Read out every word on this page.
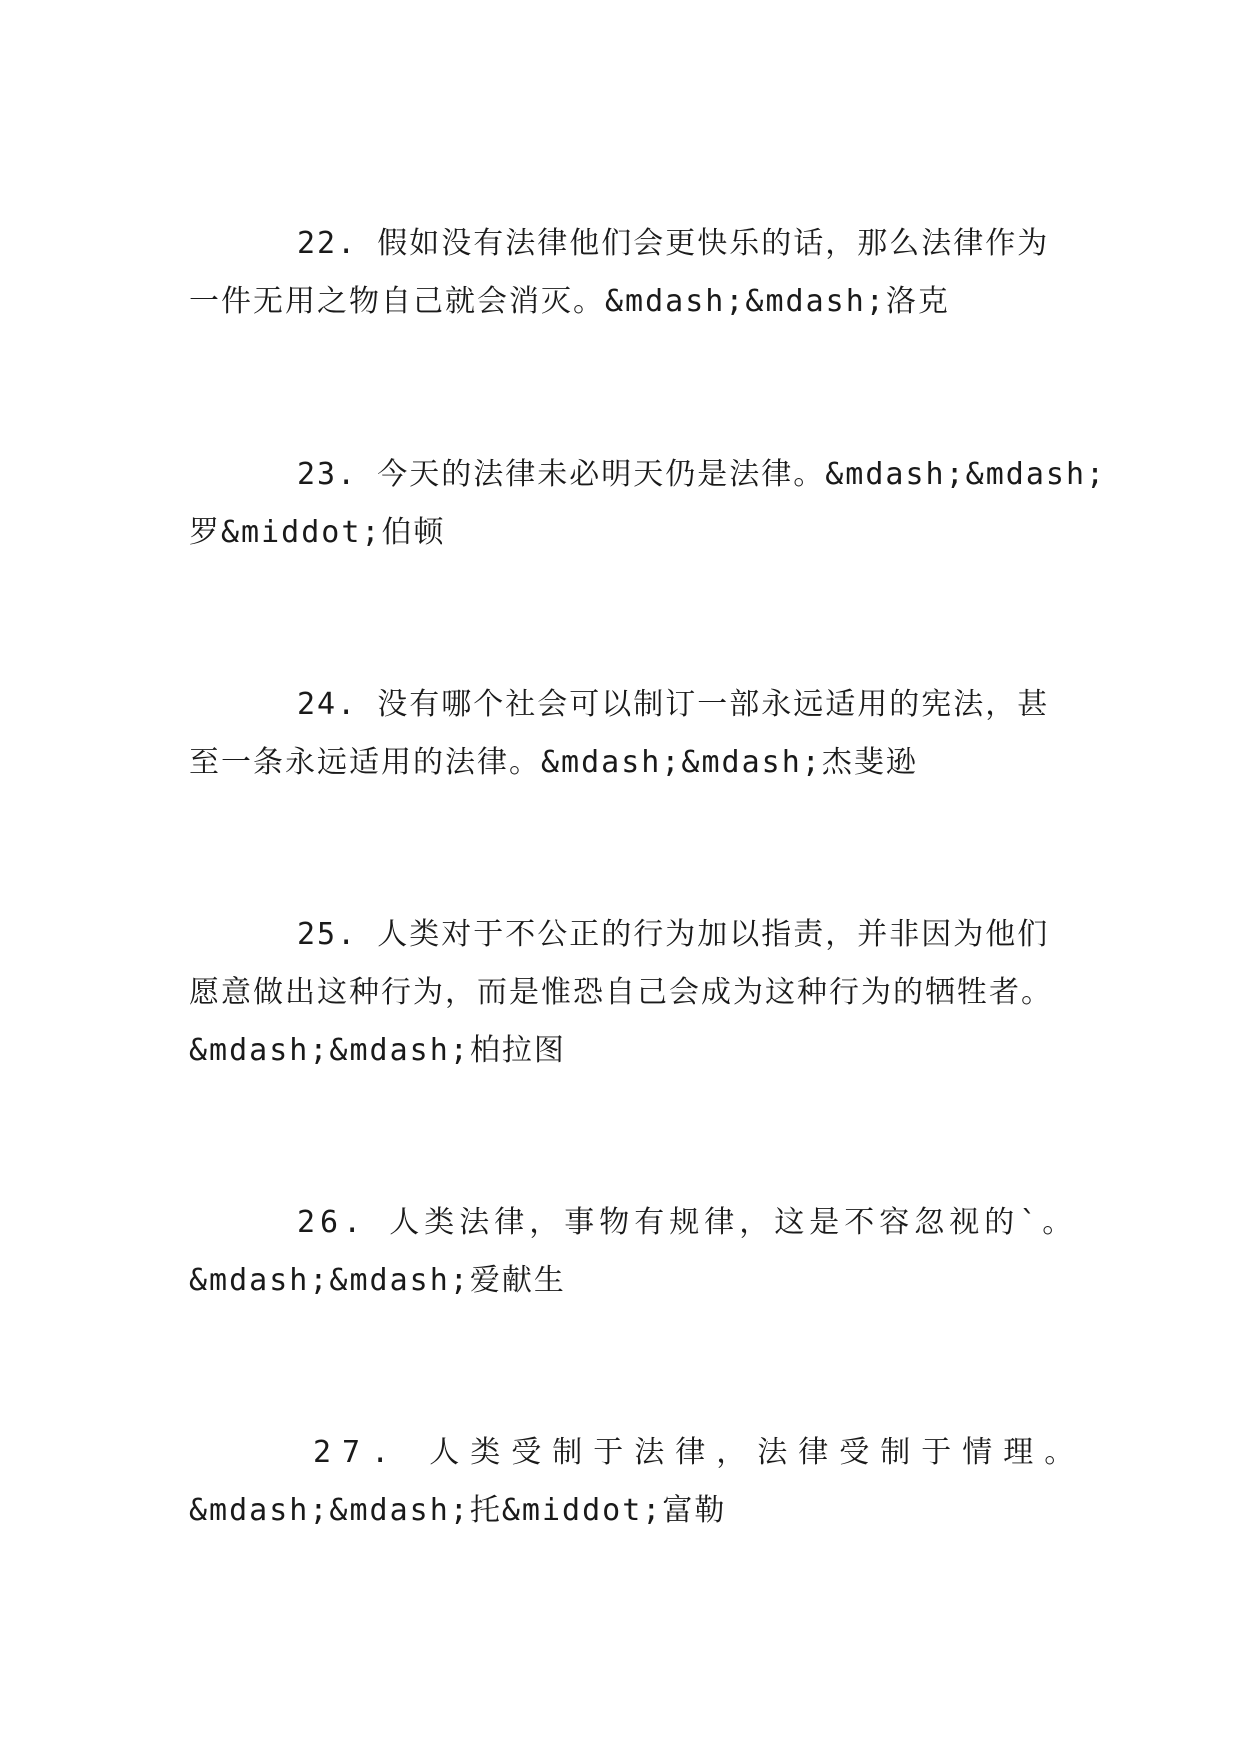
22. 假如没有法律他们会更快乐的话，那么法律作为
一件无用之物自己就会消灭。&mdash;&mdash;洛克
23. 今天的法律未必明天仍是法律。&mdash;&mdash;
罗&middot;伯顿
24. 没有哪个社会可以制订一部永远适用的宪法，甚
至一条永远适用的法律。&mdash;&mdash;杰斐逊
25. 人类对于不公正的行为加以指责，并非因为他们
愿意做出这种行为，而是惟恐自己会成为这种行为的牺牲者。
&mdash;&mdash;柏拉图
26. 人类法律，事物有规律，这是不容忽视的`。
&mdash;&mdash;爱献生
27. 人类受制于法律，法律受制于情理。
&mdash;&mdash;托&middot;富勒
